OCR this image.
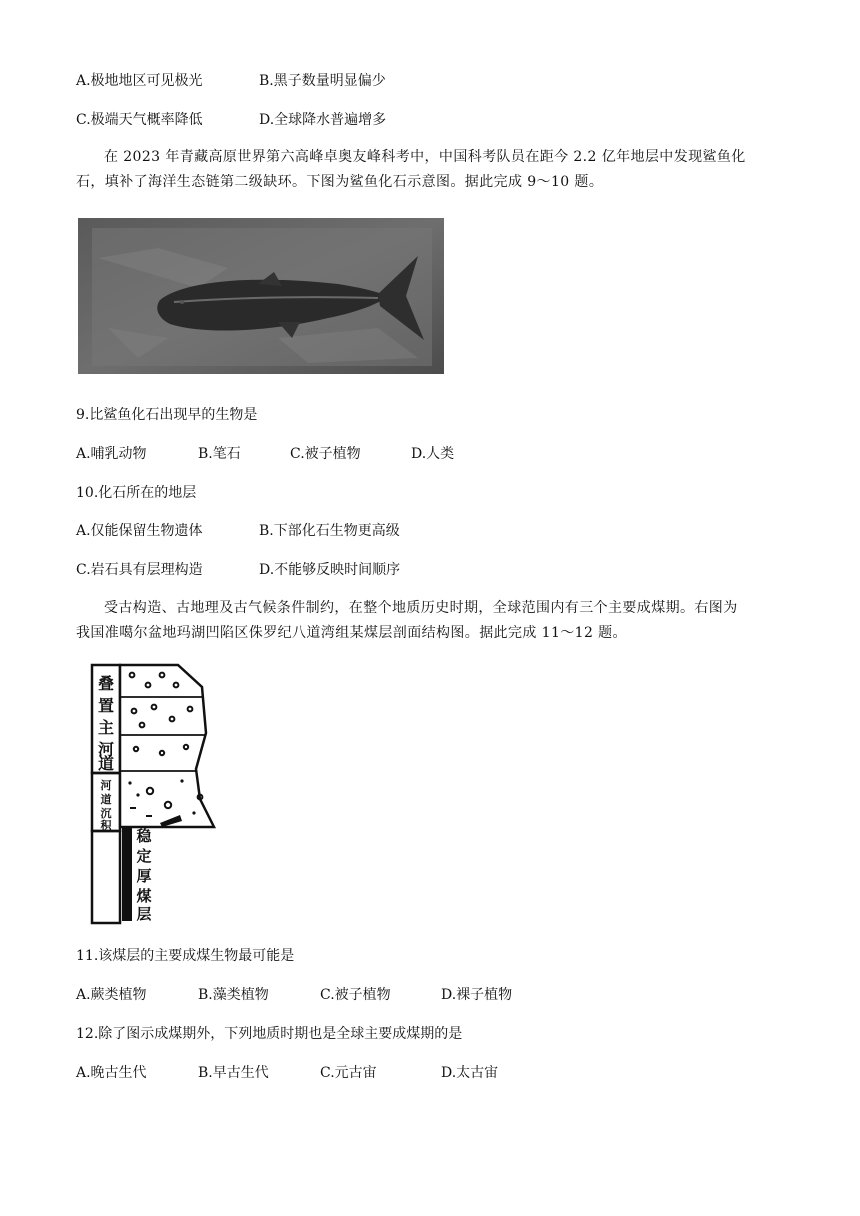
A.极地地区可见极光	B.黑子数量明显偏少
C.极端天气概率降低	D.全球降水普遍增多
在 2023 年青藏高原世界第六高峰卓奥友峰科考中，中国科考队员在距今 2.2 亿年地层中发现鲨鱼化
石，填补了海洋生态链第二级缺环。下图为鲨鱼化石示意图。据此完成 9～10 题。
9.比鲨鱼化石出现早的生物是
A.哺乳动物	B.笔石	C.被子植物	D.人类
10.化石所在的地层
A.仅能保留生物遗体	B.下部化石生物更高级
C.岩石具有层理构造	D.不能够反映时间顺序
受古构造、古地理及古气候条件制约，在整个地质历史时期，全球范围内有三个主要成煤期。右图为
我国准噶尔盆地玛湖凹陷区侏罗纪八道湾组某煤层剖面结构图。据此完成 11～12 题。
叠
置
主
河
道
河
道
沉
积
稳
定
厚
煤
层
11.该煤层的主要成煤生物最可能是
A.蕨类植物	B.藻类植物	C.被子植物	D.裸子植物
12.除了图示成煤期外，下列地质时期也是全球主要成煤期的是
A.晚古生代	B.早古生代	C.元古宙	D.太古宙
